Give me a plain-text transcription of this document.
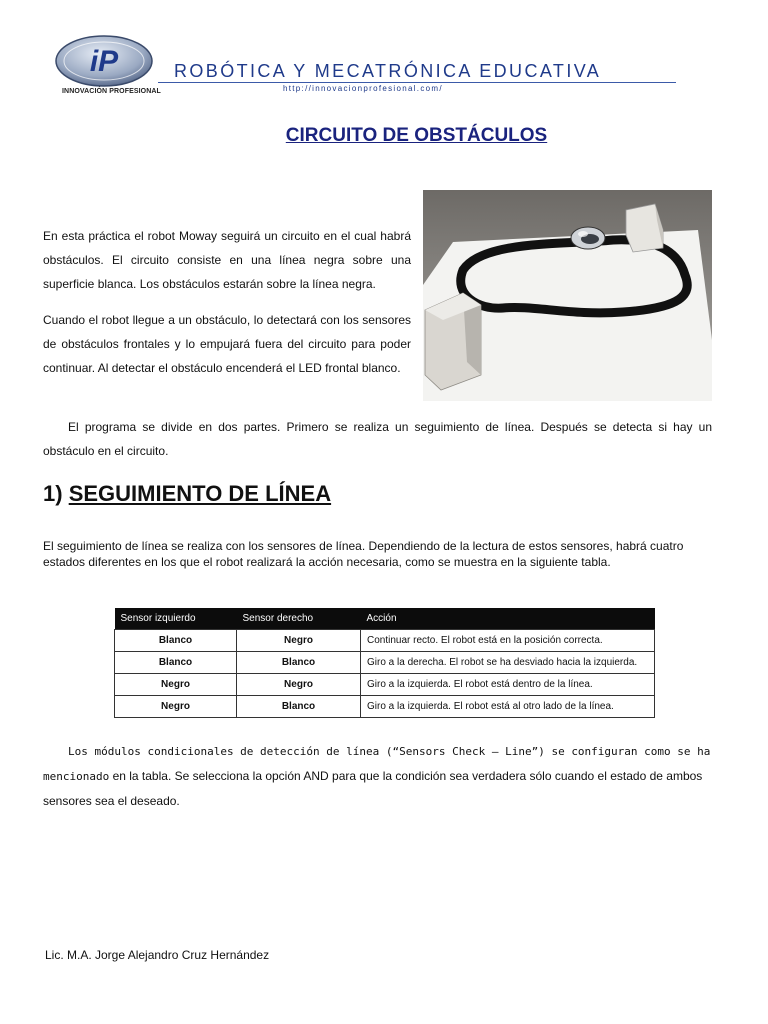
iP
INNOVACIÓN PROFESIONAL
ROBÓTICA Y MECATRÓNICA EDUCATIVA
http://innovacionprofesional.com/
CIRCUITO DE OBSTÁCULOS

En esta práctica el robot Moway seguirá un circuito en el cual habrá obstáculos. El circuito consiste en una línea negra sobre una superficie blanca. Los obstáculos estarán sobre la línea negra.

Cuando el robot llegue a un obstáculo, lo detectará con los sensores de obstáculos frontales y lo empujará fuera del circuito para poder continuar. Al detectar el obstáculo encenderá el LED frontal blanco.

El programa se divide en dos partes. Primero se realiza un seguimiento de línea. Después se detecta si hay un obstáculo en el circuito.

1) SEGUIMIENTO DE LÍNEA

El seguimiento de línea se realiza con los sensores de línea. Dependiendo de la lectura de estos sensores, habrá cuatro estados diferentes en los que el robot realizará la acción necesaria, como se muestra en la siguiente tabla.

Sensor izquierdo	Sensor derecho	Acción
Blanco	Negro	Continuar recto. El robot está en la posición correcta.
Blanco	Blanco	Giro a la derecha. El robot se ha desviado hacia la izquierda.
Negro	Negro	Giro a la izquierda. El robot está dentro de la línea.
Negro	Blanco	Giro a la izquierda. El robot está al otro lado de la línea.

Los módulos condicionales de detección de línea (“Sensors Check – Line”) se configuran como se ha mencionado en la tabla. Se selecciona la opción AND para que la condición sea verdadera sólo cuando el estado de ambos sensores sea el deseado.

Lic. M.A. Jorge Alejandro Cruz Hernández
